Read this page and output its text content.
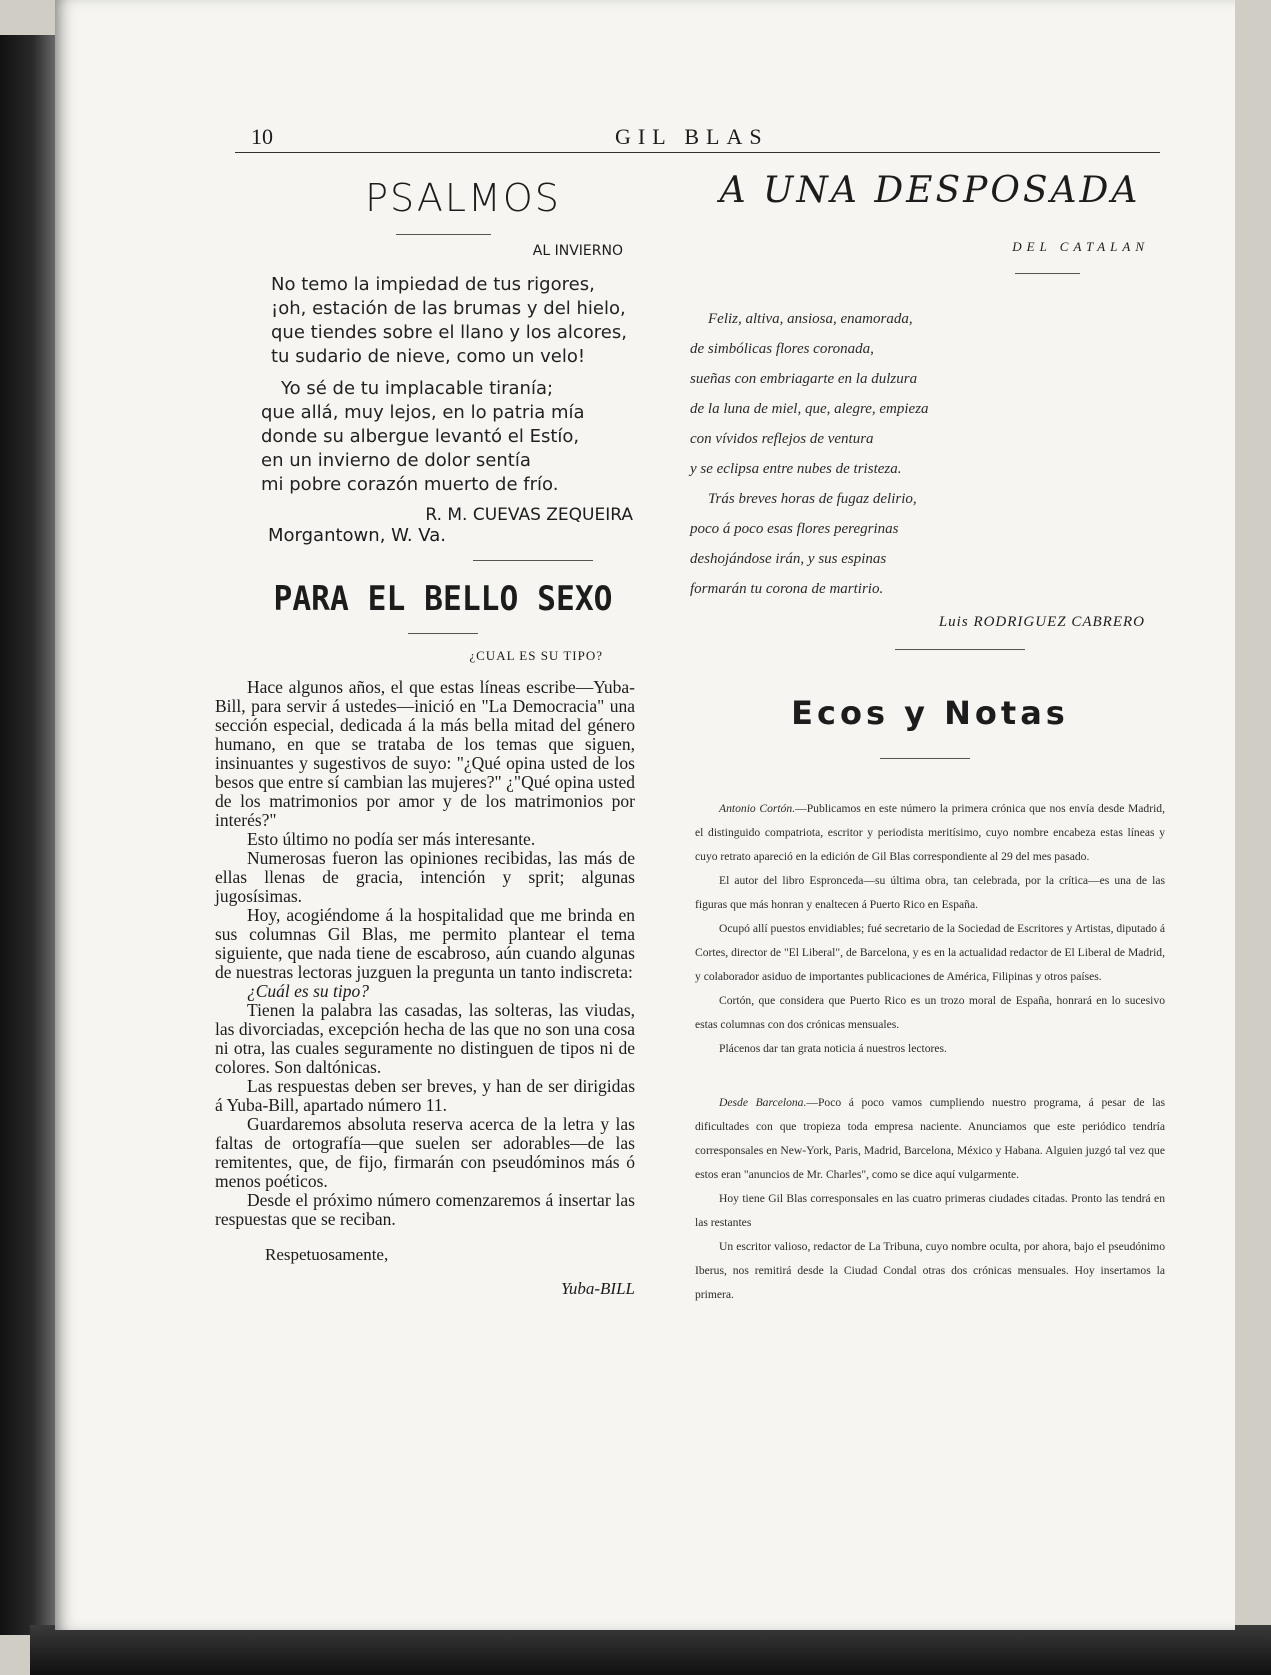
10	GIL BLAS
PSALMOS
AL INVIERNO
No temo la impiedad de tus rigores,
¡oh, estación de las brumas y del hielo,
que tiendes sobre el llano y los alcores,
tu sudario de nieve, como un velo!
Yo sé de tu implacable tiranía;
que allá, muy lejos, en lo patria mía
donde su albergue levantó el Estío,
en un invierno de dolor sentía
mi pobre corazón muerto de frío.
R. M. CUEVAS ZEQUEIRA
Morgantown, W. Va.
PARA EL BELLO SEXO
¿CUAL ES SU TIPO?

Hace algunos años, el que estas líneas escribe—Yuba-Bill, para servir á ustedes—inició en "La Democracia" una sección especial, dedicada á la más bella mitad del género humano, en que se trataba de los temas que siguen, insinuantes y sugestivos de suyo: "¿Qué opina usted de los besos que entre sí cambian las mujeres?" ¿"Qué opina usted de los matrimonios por amor y de los matrimonios por interés?"

Esto último no podía ser más interesante.

Numerosas fueron las opiniones recibidas, las más de ellas llenas de gracia, intención y sprit; algunas jugosísimas.

Hoy, acogiéndome á la hospitalidad que me brinda en sus columnas Gil Blas, me permito plantear el tema siguiente, que nada tiene de escabroso, aún cuando algunas de nuestras lectoras juzguen la pregunta un tanto indiscreta:

¿Cuál es su tipo?

Tienen la palabra las casadas, las solteras, las viudas, las divorciadas, excepción hecha de las que no son una cosa ni otra, las cuales seguramente no distinguen de tipos ni de colores. Son daltónicas.

Las respuestas deben ser breves, y han de ser dirigidas á Yuba-Bill, apartado número 11.

Guardaremos absoluta reserva acerca de la letra y las faltas de ortografía—que suelen ser adorables—de las remitentes, que, de fijo, firmarán con pseudóminos más ó menos poéticos.

Desde el próximo número comenzaremos á insertar las respuestas que se reciban.

Respetuosamente,
Yuba-BILL
A UNA DESPOSADA
DEL CATALAN
Feliz, altiva, ansiosa, enamorada,
de simbólicas flores coronada,
sueñas con embriagarte en la dulzura
de la luna de miel, que, alegre, empieza
con vívidos reflejos de ventura
y se eclipsa entre nubes de tristeza.
Trás breves horas de fugaz delirio,
poco á poco esas flores peregrinas
deshojándose irán, y sus espinas
formarán tu corona de martirio.
Luis RODRIGUEZ CABRERO
Ecos y Notas

Antonio Cortón.—Publicamos en este número la primera crónica que nos envía desde Madrid, el distinguido compatriota, escritor y periodista meritísimo, cuyo nombre encabeza estas líneas y cuyo retrato apareció en la edición de Gil Blas correspondiente al 29 del mes pasado.

El autor del libro Espronceda—su última obra, tan celebrada, por la crítica—es una de las figuras que más honran y enaltecen á Puerto Rico en España.

Ocupó allí puestos envidiables; fué secretario de la Sociedad de Escritores y Artistas, diputado á Cortes, director de "El Liberal", de Barcelona, y es en la actualidad redactor de El Liberal de Madrid, y colaborador asiduo de importantes publicaciones de América, Filipinas y otros países.

Cortón, que considera que Puerto Rico es un trozo moral de España, honrará en lo sucesivo estas columnas con dos crónicas mensuales.

Plácenos dar tan grata noticia á nuestros lectores.

Desde Barcelona.—Poco á poco vamos cumpliendo nuestro programa, á pesar de las dificultades con que tropieza toda empresa naciente. Anunciamos que este periódico tendría corresponsales en New-York, Paris, Madrid, Barcelona, México y Habana. Alguien juzgó tal vez que estos eran "anuncios de Mr. Charles", como se dice aquí vulgarmente.

Hoy tiene Gil Blas corresponsales en las cuatro primeras ciudades citadas. Pronto las tendrá en las restantes

Un escritor valioso, redactor de La Tribuna, cuyo nombre oculta, por ahora, bajo el pseudónimo Iberus, nos remitirá desde la Ciudad Condal otras dos crónicas mensuales. Hoy insertamos la primera.
